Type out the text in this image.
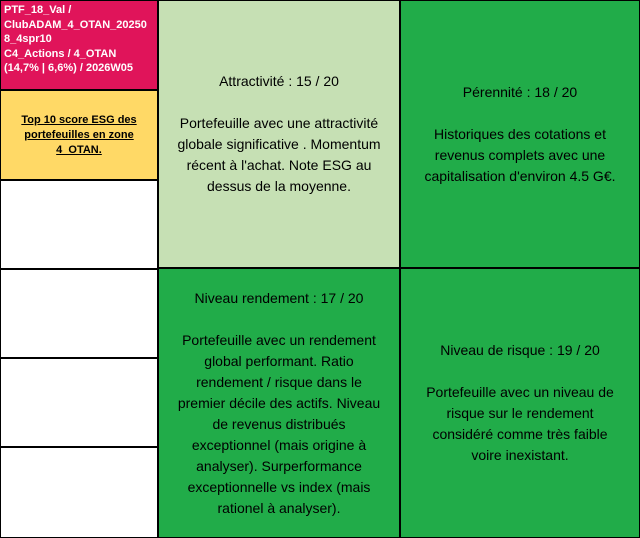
PTF_18_Val /
ClubADAM_4_OTAN_20250
8_4spr10
C4_Actions / 4_OTAN
(14,7% | 6,6%) / 2026W05
Top 10 score ESG des portefeuilles en zone 4_OTAN.
Attractivité : 15 / 20
Portefeuille avec une attractivité globale significative . Momentum récent à l'achat. Note ESG au dessus de la moyenne.
Pérennité : 18 / 20
Historiques des cotations et revenus complets avec une capitalisation d'environ 4.5 G€.
Niveau rendement : 17 / 20
Portefeuille avec un rendement global performant. Ratio rendement / risque dans le premier décile des actifs. Niveau de revenus distribués exceptionnel (mais origine à analyser). Surperformance exceptionnelle vs index (mais rationel à analyser).
Niveau de risque : 19 / 20
Portefeuille avec un niveau de risque sur le rendement considéré comme très faible voire inexistant.
